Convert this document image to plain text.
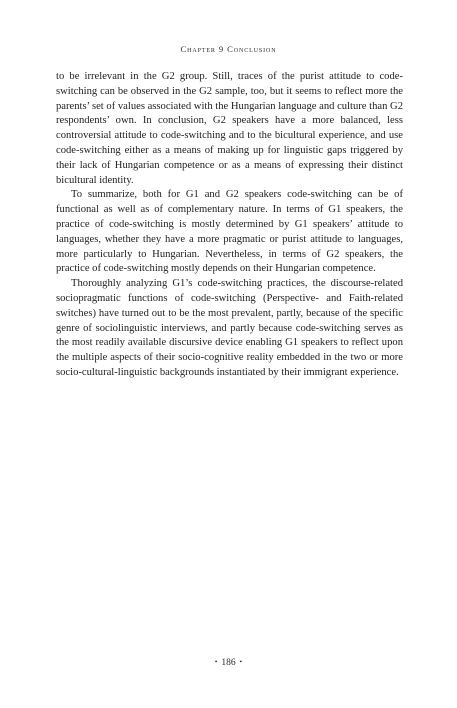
Chapter 9 Conclusion

to be irrelevant in the G2 group. Still, traces of the purist attitude to code-switching can be observed in the G2 sample, too, but it seems to reflect more the parents’ set of values associated with the Hungarian language and culture than G2 respondents’ own. In conclusion, G2 speakers have a more balanced, less controversial attitude to code-switching and to the bicultural experience, and use code-switching either as a means of making up for linguistic gaps triggered by their lack of Hungarian competence or as a means of expressing their distinct bicultural identity.

To summarize, both for G1 and G2 speakers code-switching can be of functional as well as of complementary nature. In terms of G1 speakers, the practice of code-switching is mostly determined by G1 speakers’ attitude to languages, whether they have a more pragmatic or purist attitude to languages, more particularly to Hungarian. Nevertheless, in terms of G2 speakers, the practice of code-switching mostly depends on their Hungarian competence.

Thoroughly analyzing G1’s code-switching practices, the discourse-related sociopragmatic functions of code-switching (Perspective- and Faith-related switches) have turned out to be the most prevalent, partly, because of the specific genre of sociolinguistic interviews, and partly because code-switching serves as the most readily available discursive device enabling G1 speakers to reflect upon the multiple aspects of their socio-cognitive reality embedded in the two or more socio-cultural-linguistic backgrounds instantiated by their immigrant experience.

• 186 •
